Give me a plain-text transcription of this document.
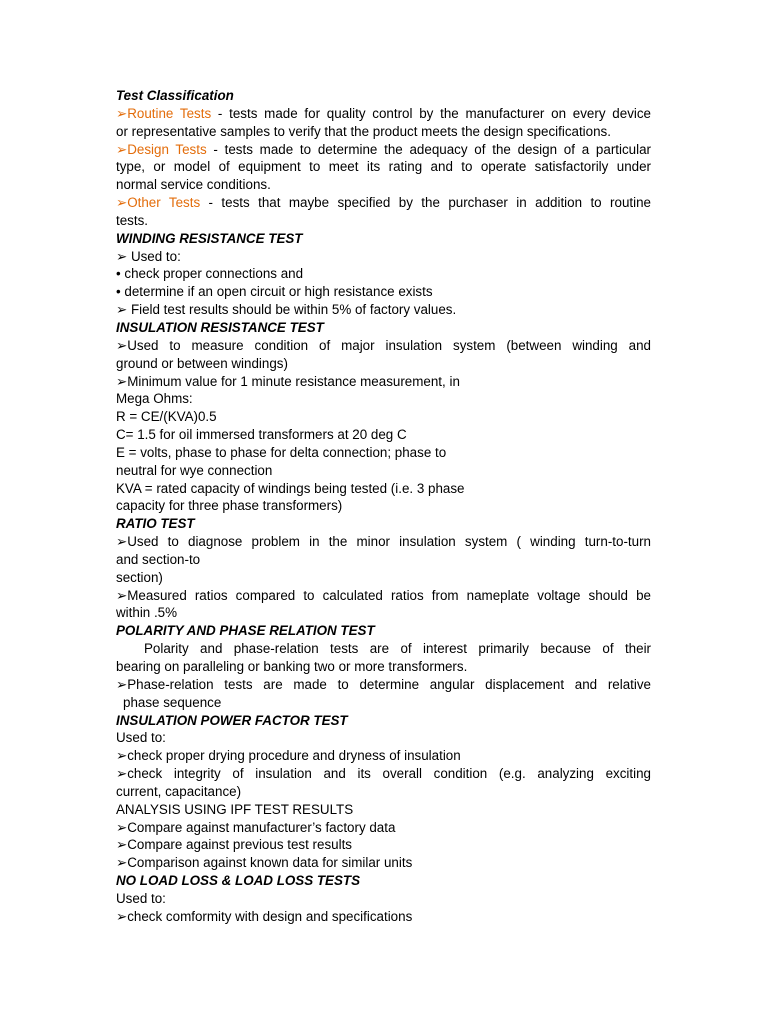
Test Classification
➢Routine Tests - tests made for quality control by the manufacturer on every device
or representative samples to verify that the product meets the design specifications.
➢Design Tests - tests made to determine the adequacy of the design of a particular
type, or model of equipment to meet its rating and to operate satisfactorily under
normal service conditions.
➢Other Tests - tests that maybe specified by the purchaser in addition to routine
tests.
WINDING RESISTANCE TEST
➢ Used to:
• check proper connections and
• determine if an open circuit or high resistance exists
➢ Field test results should be within 5% of factory values.
INSULATION RESISTANCE TEST
➢Used to measure condition of major insulation system (between winding and
ground or between windings)
➢Minimum value for 1 minute resistance measurement, in
Mega Ohms:
R = CE/(KVA)0.5
C= 1.5 for oil immersed transformers at 20 deg C
E = volts, phase to phase for delta connection; phase to
neutral for wye connection
KVA = rated capacity of windings being tested (i.e. 3 phase
capacity for three phase transformers)
RATIO TEST
➢Used to diagnose problem in the minor insulation system ( winding turn-to-turn
and section-to
section)
➢Measured ratios compared to calculated ratios from nameplate voltage should be
within .5%
POLARITY AND PHASE RELATION TEST
Polarity and phase-relation tests are of interest primarily because of their
bearing on paralleling or banking two or more transformers.
➢Phase-relation tests are made to determine angular displacement and relative
phase sequence
INSULATION POWER FACTOR TEST
Used to:
➢check proper drying procedure and dryness of insulation
➢check integrity of insulation and its overall condition (e.g. analyzing exciting
current, capacitance)
ANALYSIS USING IPF TEST RESULTS
➢Compare against manufacturer’s factory data
➢Compare against previous test results
➢Comparison against known data for similar units
NO LOAD LOSS & LOAD LOSS TESTS
Used to:
➢check comformity with design and specifications
